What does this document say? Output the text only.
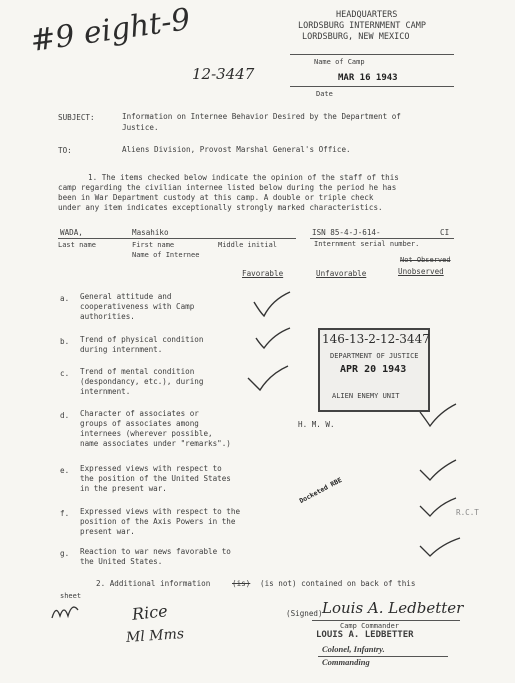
#9 eight-9
12-3447
HEADQUARTERS
LORDSBURG INTERNMENT CAMP
LORDSBURG, NEW MEXICO
Name of Camp
MAR 16 1943
Date
SUBJECT:	Information on Internee Behavior Desired by the Department of
Justice.
TO:	Aliens Division, Provost Marshal General's Office.
1. The items checked below indicate the opinion of the staff of this
camp regarding the civilian internee listed below during the period he has
been in War Department custody at this camp. A double or triple check
under any item indicates exceptionally strongly marked characteristics.
WADA,	Masahiko	ISN 85-4-J-614-	CI
Last name	First name	Middle initial	Internment serial number.
Name of Internee
Not Observed
Favorable	Unfavorable	Unobserved
a. General attitude and
cooperativeness with Camp
authorities.
b. Trend of physical condition
during internment.
c. Trend of mental condition
(despondancy, etc.), during
internment.
d. Character of associates or
groups of associates among
internees (wherever possible,
name associates under "remarks".)
e. Expressed views with respect to
the position of the United States
in the present war.
f. Expressed views with respect to the
position of the Axis Powers in the
present war.
g. Reaction to war news favorable to
the United States.
146-13-2-12-3447
DEPARTMENT OF JUSTICE
APR 20 1943
ALIEN ENEMY UNIT
H. M. W.
Docketed RBE
R.C.T
2. Additional information	(is) (is not) contained on back of this
sheet
Rice
Ml Mms
(Signed) Louis A. Ledbetter
Camp Commander
LOUIS A. LEDBETTER
Colonel, Infantry.
Commanding
